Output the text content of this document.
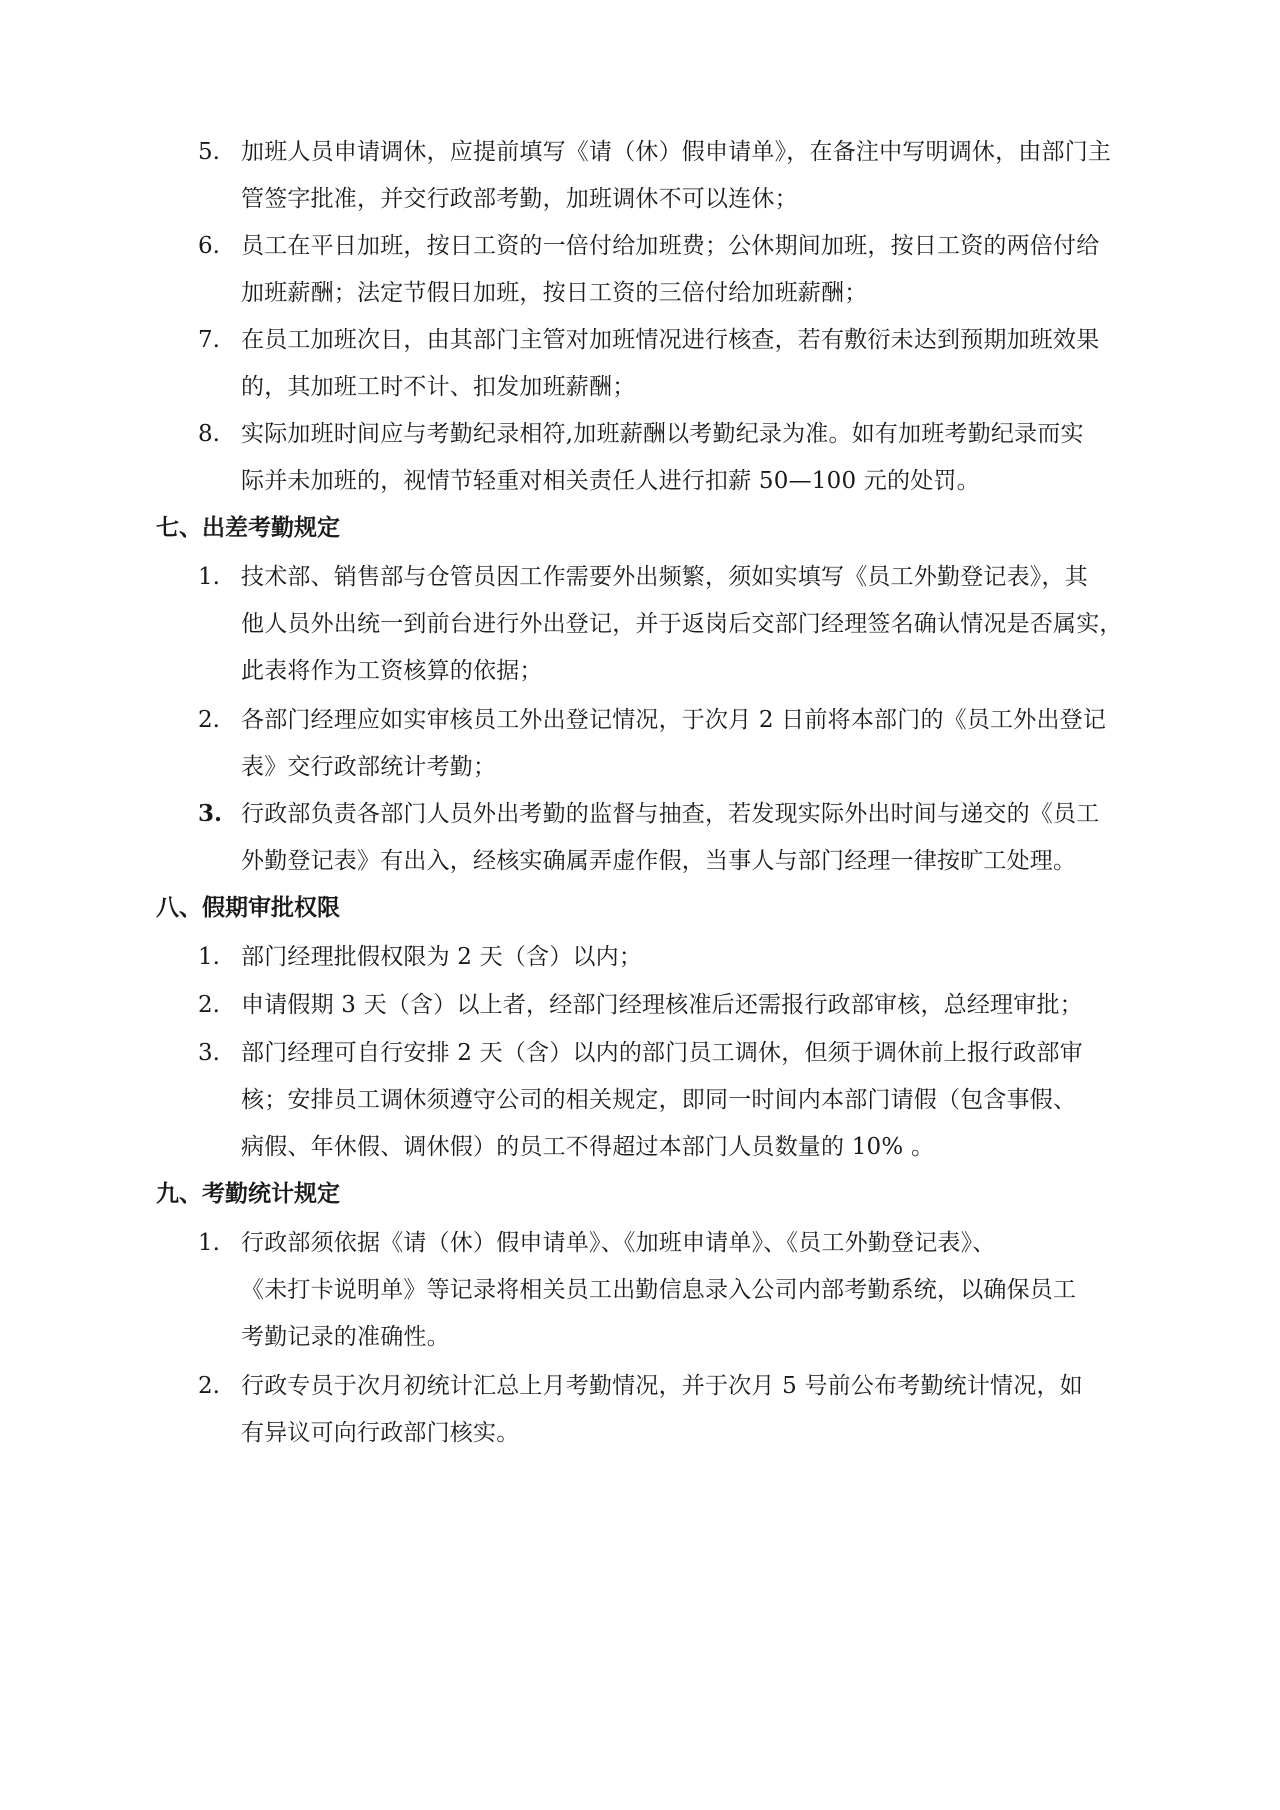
5. 加班人员申请调休，应提前填写《请（休）假申请单》，在备注中写明调休，由部门主
管签字批准，并交行政部考勤，加班调休不可以连休；
6. 员工在平日加班，按日工资的一倍付给加班费；公休期间加班，按日工资的两倍付给
加班薪酬；法定节假日加班，按日工资的三倍付给加班薪酬；
7. 在员工加班次日，由其部门主管对加班情况进行核查，若有敷衍未达到预期加班效果
的，其加班工时不计、扣发加班薪酬；
8. 实际加班时间应与考勤纪录相符,加班薪酬以考勤纪录为准。如有加班考勤纪录而实
际并未加班的，视情节轻重对相关责任人进行扣薪 50—100 元的处罚。
七、出差考勤规定
1. 技术部、销售部与仓管员因工作需要外出频繁，须如实填写《员工外勤登记表》，其
他人员外出统一到前台进行外出登记，并于返岗后交部门经理签名确认情况是否属实，
此表将作为工资核算的依据；
2. 各部门经理应如实审核员工外出登记情况，于次月 2 日前将本部门的《员工外出登记
表》交行政部统计考勤；
3. 行政部负责各部门人员外出考勤的监督与抽查，若发现实际外出时间与递交的《员工
外勤登记表》有出入，经核实确属弄虚作假，当事人与部门经理一律按旷工处理。
八、假期审批权限
1. 部门经理批假权限为 2 天（含）以内；
2. 申请假期 3 天（含）以上者，经部门经理核准后还需报行政部审核，总经理审批；
3. 部门经理可自行安排 2 天（含）以内的部门员工调休，但须于调休前上报行政部审
核；安排员工调休须遵守公司的相关规定，即同一时间内本部门请假（包含事假、
病假、年休假、调休假）的员工不得超过本部门人员数量的 10% 。
九、考勤统计规定
1. 行政部须依据《请（休）假申请单》、《加班申请单》、《员工外勤登记表》、
《未打卡说明单》等记录将相关员工出勤信息录入公司内部考勤系统，以确保员工
考勤记录的准确性。
2. 行政专员于次月初统计汇总上月考勤情况，并于次月 5 号前公布考勤统计情况，如
有异议可向行政部门核实。
